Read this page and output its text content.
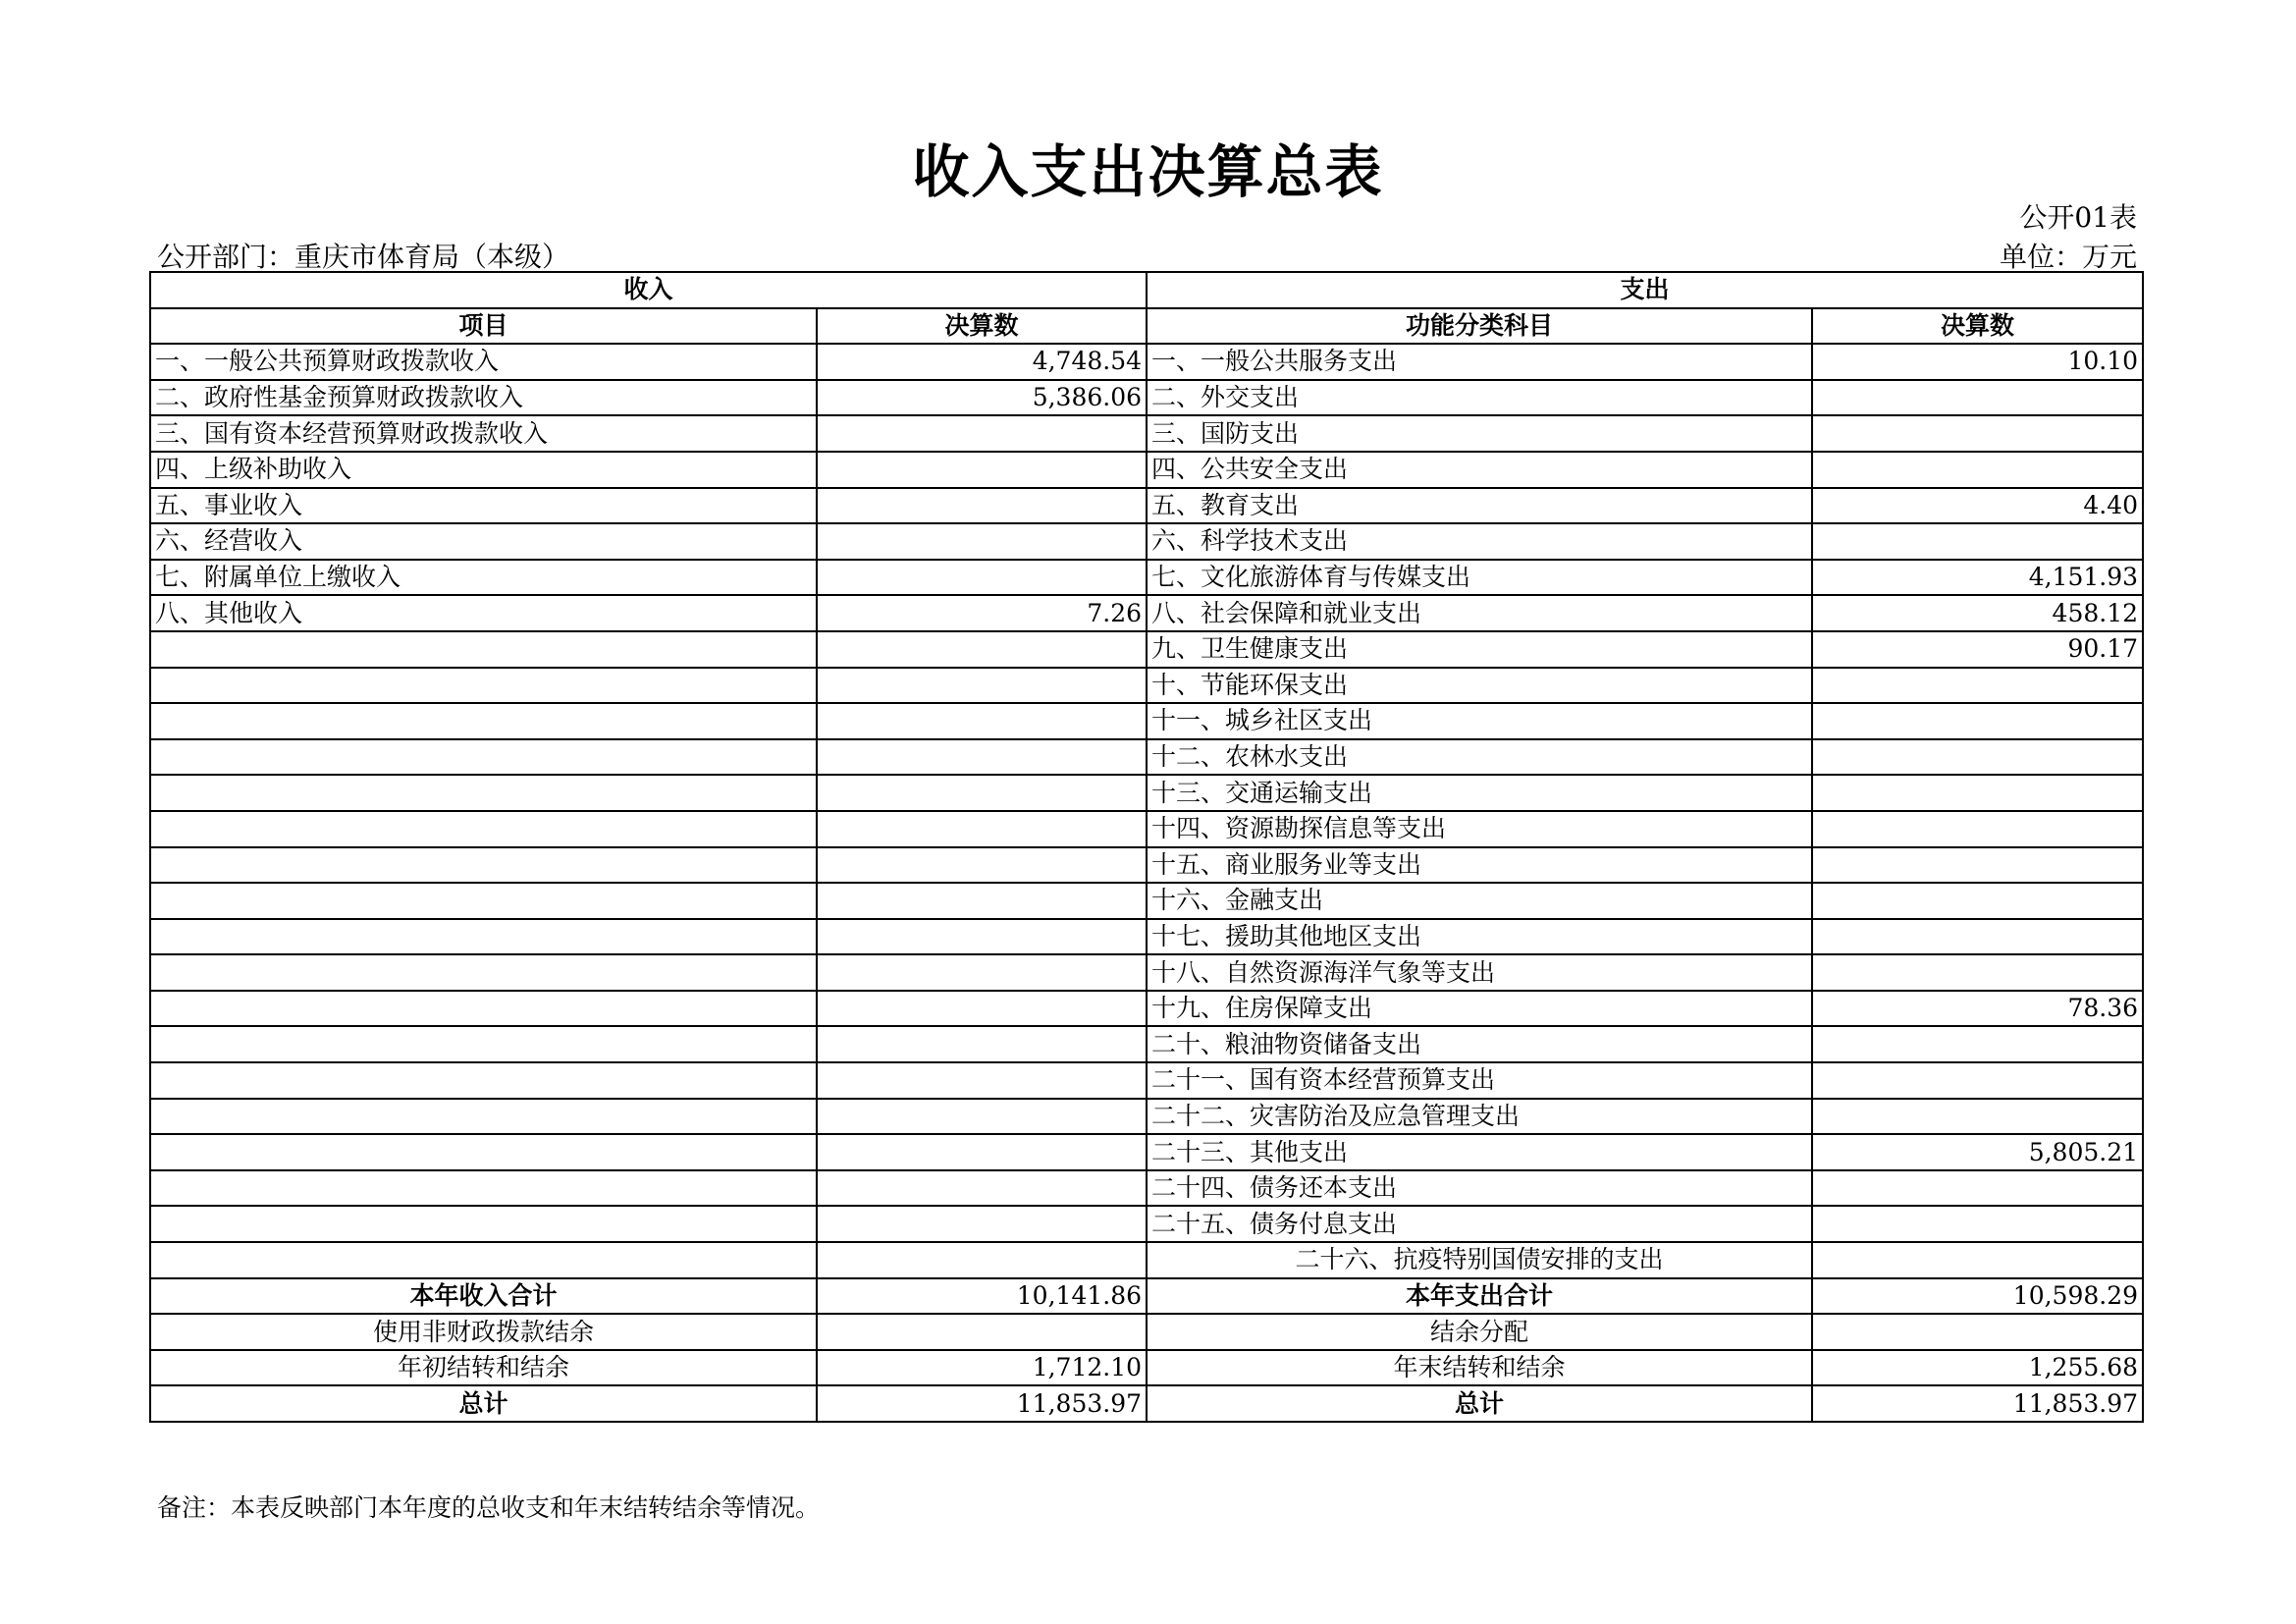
收入支出决算总表
公开01表
公开部门：重庆市体育局（本级）	单位：万元
收入		支出	
项目	决算数	功能分类科目	决算数
一、一般公共预算财政拨款收入	4,748.54	一、一般公共服务支出	10.10
二、政府性基金预算财政拨款收入	5,386.06	二、外交支出	
三、国有资本经营预算财政拨款收入		三、国防支出	
四、上级补助收入		四、公共安全支出	
五、事业收入		五、教育支出	4.40
六、经营收入		六、科学技术支出	
七、附属单位上缴收入		七、文化旅游体育与传媒支出	4,151.93
八、其他收入	7.26	八、社会保障和就业支出	458.12
		九、卫生健康支出	90.17
		十、节能环保支出	
		十一、城乡社区支出	
		十二、农林水支出	
		十三、交通运输支出	
		十四、资源勘探信息等支出	
		十五、商业服务业等支出	
		十六、金融支出	
		十七、援助其他地区支出	
		十八、自然资源海洋气象等支出	
		十九、住房保障支出	78.36
		二十、粮油物资储备支出	
		二十一、国有资本经营预算支出	
		二十二、灾害防治及应急管理支出	
		二十三、其他支出	5,805.21
		二十四、债务还本支出	
		二十五、债务付息支出	
		二十六、抗疫特别国债安排的支出	
本年收入合计	10,141.86	本年支出合计	10,598.29
使用非财政拨款结余		结余分配	
年初结转和结余	1,712.10	年末结转和结余	1,255.68
总计	11,853.97	总计	11,853.97
备注：本表反映部门本年度的总收支和年末结转结余等情况。
